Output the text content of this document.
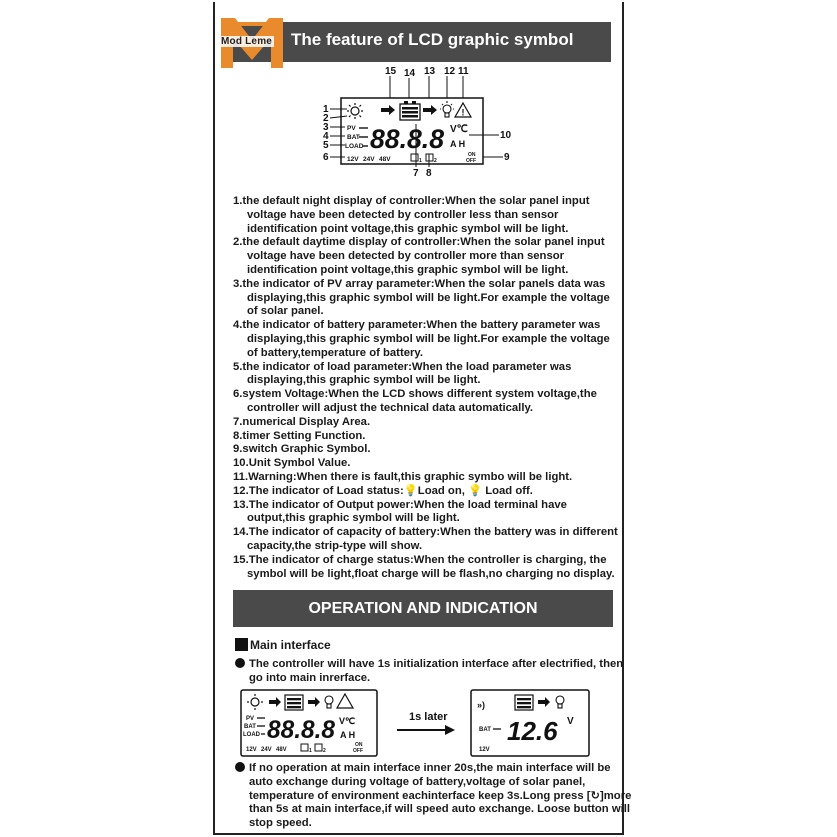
The feature of LCD graphic symbol
Mod Leme
15 14 13 12 11
1
2
3
4
5
6
!
PV
BAT
LOAD 88.8.8 V℃
A H
10
9
12V 24V 48V	1 2
ON
OFF
7 8

1.the default night display of controller:When the solar panel input voltage have been detected by controller less than sensor identification point voltage,this graphic symbol will be light.

2.the default daytime display of controller:When the solar panel input voltage have been detected by controller more than sensor identification point voltage,this graphic symbol will be light.

3.the indicator of PV array parameter:When the solar panels data was displaying,this graphic symbol will be light.For example the voltage of solar panel.

4.the indicator of battery parameter:When the battery parameter was displaying,this graphic symbol will be light.For example the voltage of battery,temperature of battery.

5.the indicator of load parameter:When the load parameter was displaying,this graphic symbol will be light.

6.system Voltage:When the LCD shows different system voltage,the controller will adjust the technical data automatically.

7.numerical Display Area.

8.timer Setting Function.

9.switch Graphic Symbol.

10.Unit Symbol Value.

11.Warning:When there is fault,this graphic symbo will be light.

12.The indicator of Load status:💡Load on, 💡 Load off.

13.The indicator of Output power:When the load terminal have output,this graphic symbol will be light.

14.The indicator of capacity of battery:When the battery was in different capacity,the strip-type will show.

15.The indicator of charge status:When the controller is charging, the symbol will be light,float charge will be flash,no charging no display.

OPERATION AND INDICATION
Main interface
The controller will have 1s initialization interface after electrified, then go into main inrerface.
PV
BAT
LOAD 88.8.8 V℃
A H
12V 24V 48V	1 2
ON
OFF
1s later
»)
BAT 12.6 V
12V
If no operation at main interface inner 20s,the main interface will be auto exchange during voltage of battery,voltage of solar panel, temperature of environment eachinterface keep 3s.Long press [↻]more than 5s at main interface,if will speed auto exchange. Loose button will stop speed.
